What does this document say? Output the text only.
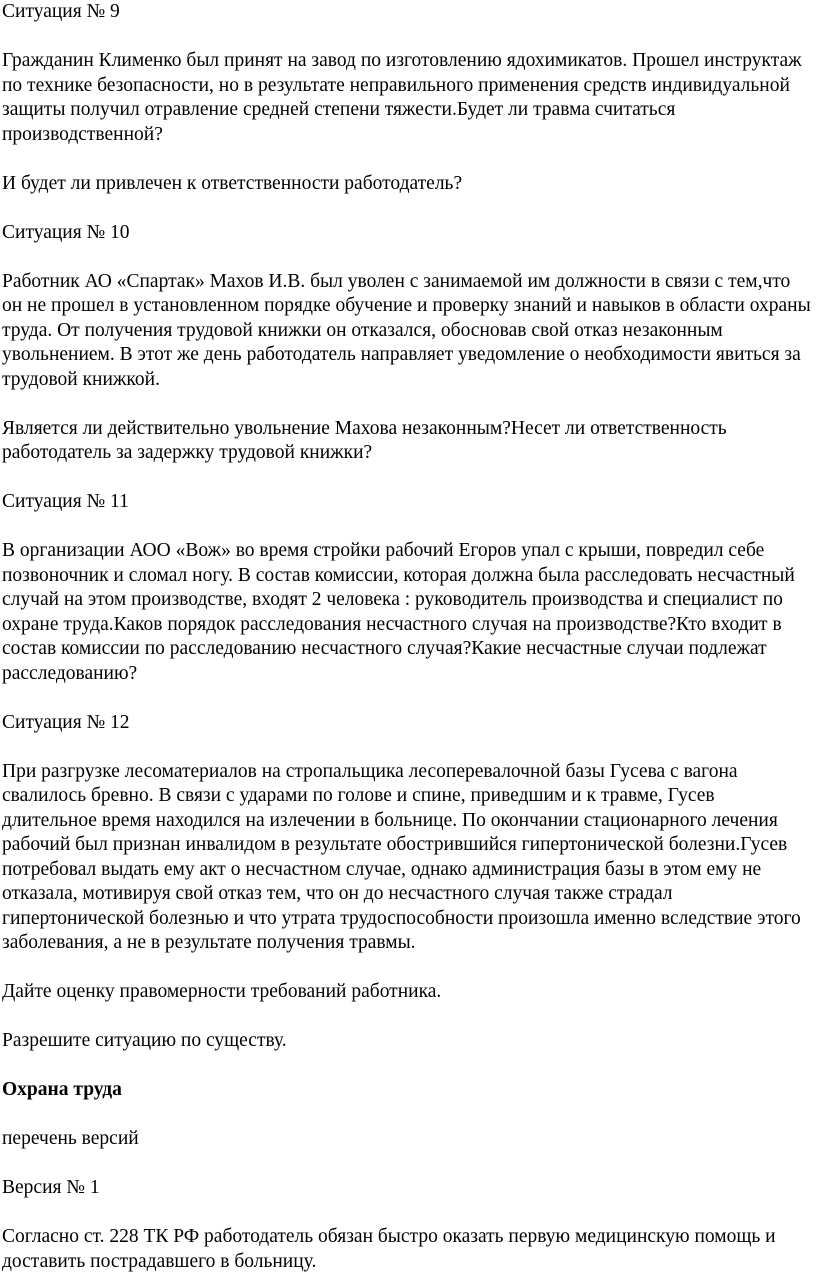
Ситуация № 9

Гражданин Клименко был принят на завод по изготовлению ядохимикатов. Прошел инструктаж по технике безопасности, но в результате неправильного применения средств индивидуальной защиты получил отравление средней степени тяжести.Будет ли травма считаться производственной?

И будет ли привлечен к ответственности работодатель?

Ситуация № 10

Работник АО «Спартак» Махов И.В. был уволен с занимаемой им должности в связи с тем,что он не прошел в установленном порядке обучение и проверку знаний и навыков в области охраны труда. От получения трудовой книжки он отказался, обосновав свой отказ незаконным увольнением. В этот же день работодатель направляет уведомление о необходимости явиться за трудовой книжкой.

Является ли действительно увольнение Махова незаконным?Несет ли ответственность работодатель за задержку трудовой книжки?

Ситуация № 11

В организации АОО «Вож» во время стройки рабочий Егоров упал с крыши, повредил себе позвоночник и сломал ногу. В состав комиссии, которая должна была расследовать несчастный случай на этом производстве, входят 2 человека : руководитель производства и специалист по охране труда.Каков порядок расследования несчастного случая на производстве?Кто входит в состав комиссии по расследованию несчастного случая?Какие несчастные случаи подлежат расследованию?

Ситуация № 12

При разгрузке лесоматериалов на стропальщика лесоперевалочной базы Гусева с вагона свалилось бревно. В связи с ударами по голове и спине, приведшим и к травме, Гусев длительное время находился на излечении в больнице. По окончании стационарного лечения рабочий был признан инвалидом в результате обострившийся гипертонической болезни.Гусев потребовал выдать ему акт о несчастном случае, однако администрация базы в этом ему не отказала, мотивируя свой отказ тем, что он до несчастного случая также страдал гипертонической болезнью и что утрата трудоспособности произошла именно вследствие этого заболевания, а не в результате получения травмы.

Дайте оценку правомерности требований работника.

Разрешите ситуацию по существу.

Охрана труда

перечень версий

Версия № 1

Согласно ст. 228 ТК РФ работодатель обязан быстро оказать первую медицинскую помощь и доставить пострадавшего в больницу.
